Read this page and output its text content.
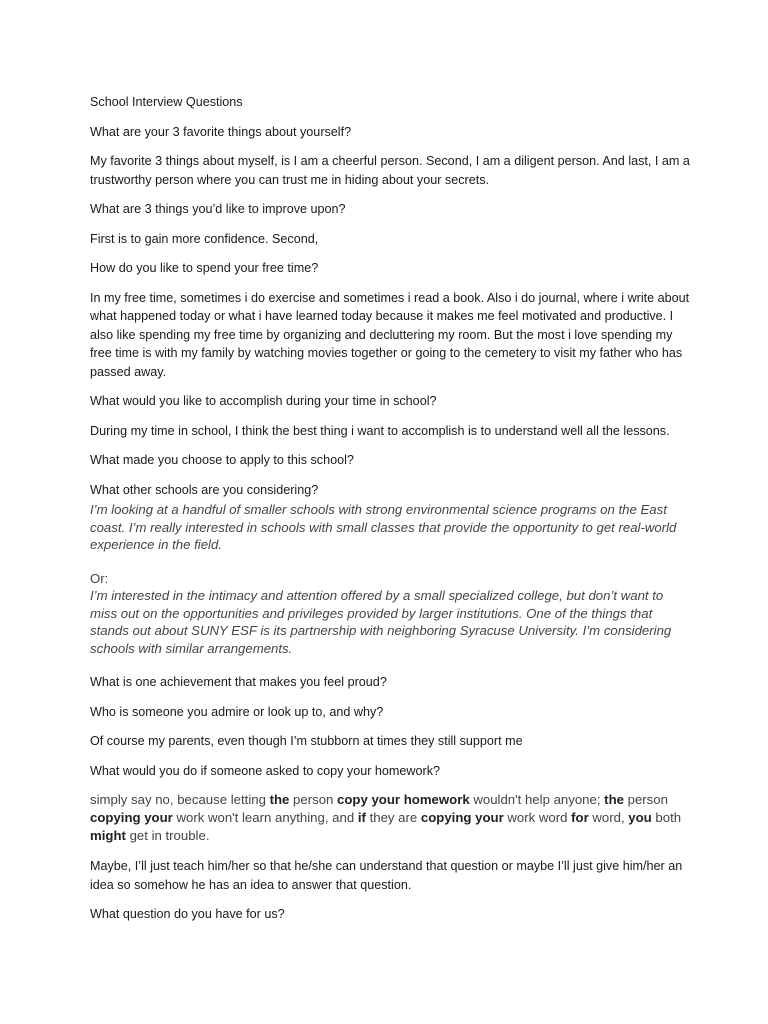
School Interview Questions

What are your 3 favorite things about yourself?

My favorite 3 things about myself, is I am a cheerful person. Second, I am a diligent person. And last, I am a trustworthy person where you can trust me in hiding about your secrets.

What are 3 things you’d like to improve upon?

First is to gain more confidence. Second,

How do you like to spend your free time?

In my free time, sometimes i do exercise and sometimes i read a book. Also i do journal, where i write about what happened today or what i have learned today because it makes me feel motivated and productive. I also like spending my free time by organizing and decluttering my room. But the most i love spending my free time is with my family by watching movies together or going to the cemetery to visit my father who has passed away.

What would you like to accomplish during your time in school?

During my time in school, I think the best thing i want to accomplish is to understand well all the lessons.

What made you choose to apply to this school?

What other schools are you considering?

I’m looking at a handful of smaller schools with strong environmental science programs on the East coast. I’m really interested in schools with small classes that provide the opportunity to get real-world experience in the field.

Or:

I’m interested in the intimacy and attention offered by a small specialized college, but don’t want to miss out on the opportunities and privileges provided by larger institutions. One of the things that stands out about SUNY ESF is its partnership with neighboring Syracuse University. I’m considering schools with similar arrangements.

What is one achievement that makes you feel proud?

Who is someone you admire or look up to, and why?

Of course my parents, even though I’m stubborn at times they still support me

What would you do if someone asked to copy your homework?

simply say no, because letting the person copy your homework wouldn't help anyone; the person copying your work won't learn anything, and if they are copying your work word for word, you both might get in trouble.

Maybe, I’ll just teach him/her so that he/she can understand that question or maybe I’ll just give him/her an idea so somehow he has an idea to answer that question.

What question do you have for us?
